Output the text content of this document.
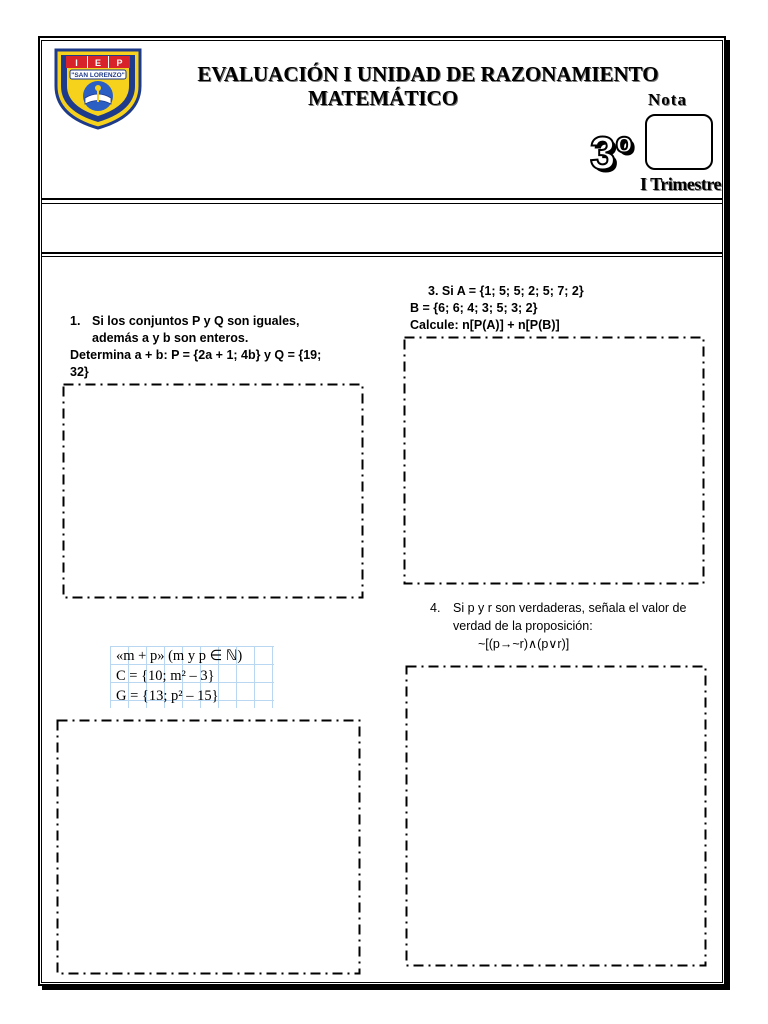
I E P
"SAN LORENZO"	EVALUACIÓN I UNIDAD DE RAZONAMIENTO
MATEMÁTICO	Nota
3º
I Trimestre
1. Si los conjuntos P y Q son iguales,
además a y b son enteros.
Determina a + b: P = {2a + 1; 4b} y Q = {19;
32}
3. Si A = {1; 5; 5; 2; 5; 7; 2}
B = {6; 6; 4; 3; 5; 3; 2}
Calcule: n[P(A)] + n[P(B)]
4. Si p y r son verdaderas, señala el valor de
verdad de la proposición:
~[(p→~r)∧(p∨r)]
«m + p» (m y p ∈ ℕ)
C = {10; m² – 3}
G = {13; p² – 15}
